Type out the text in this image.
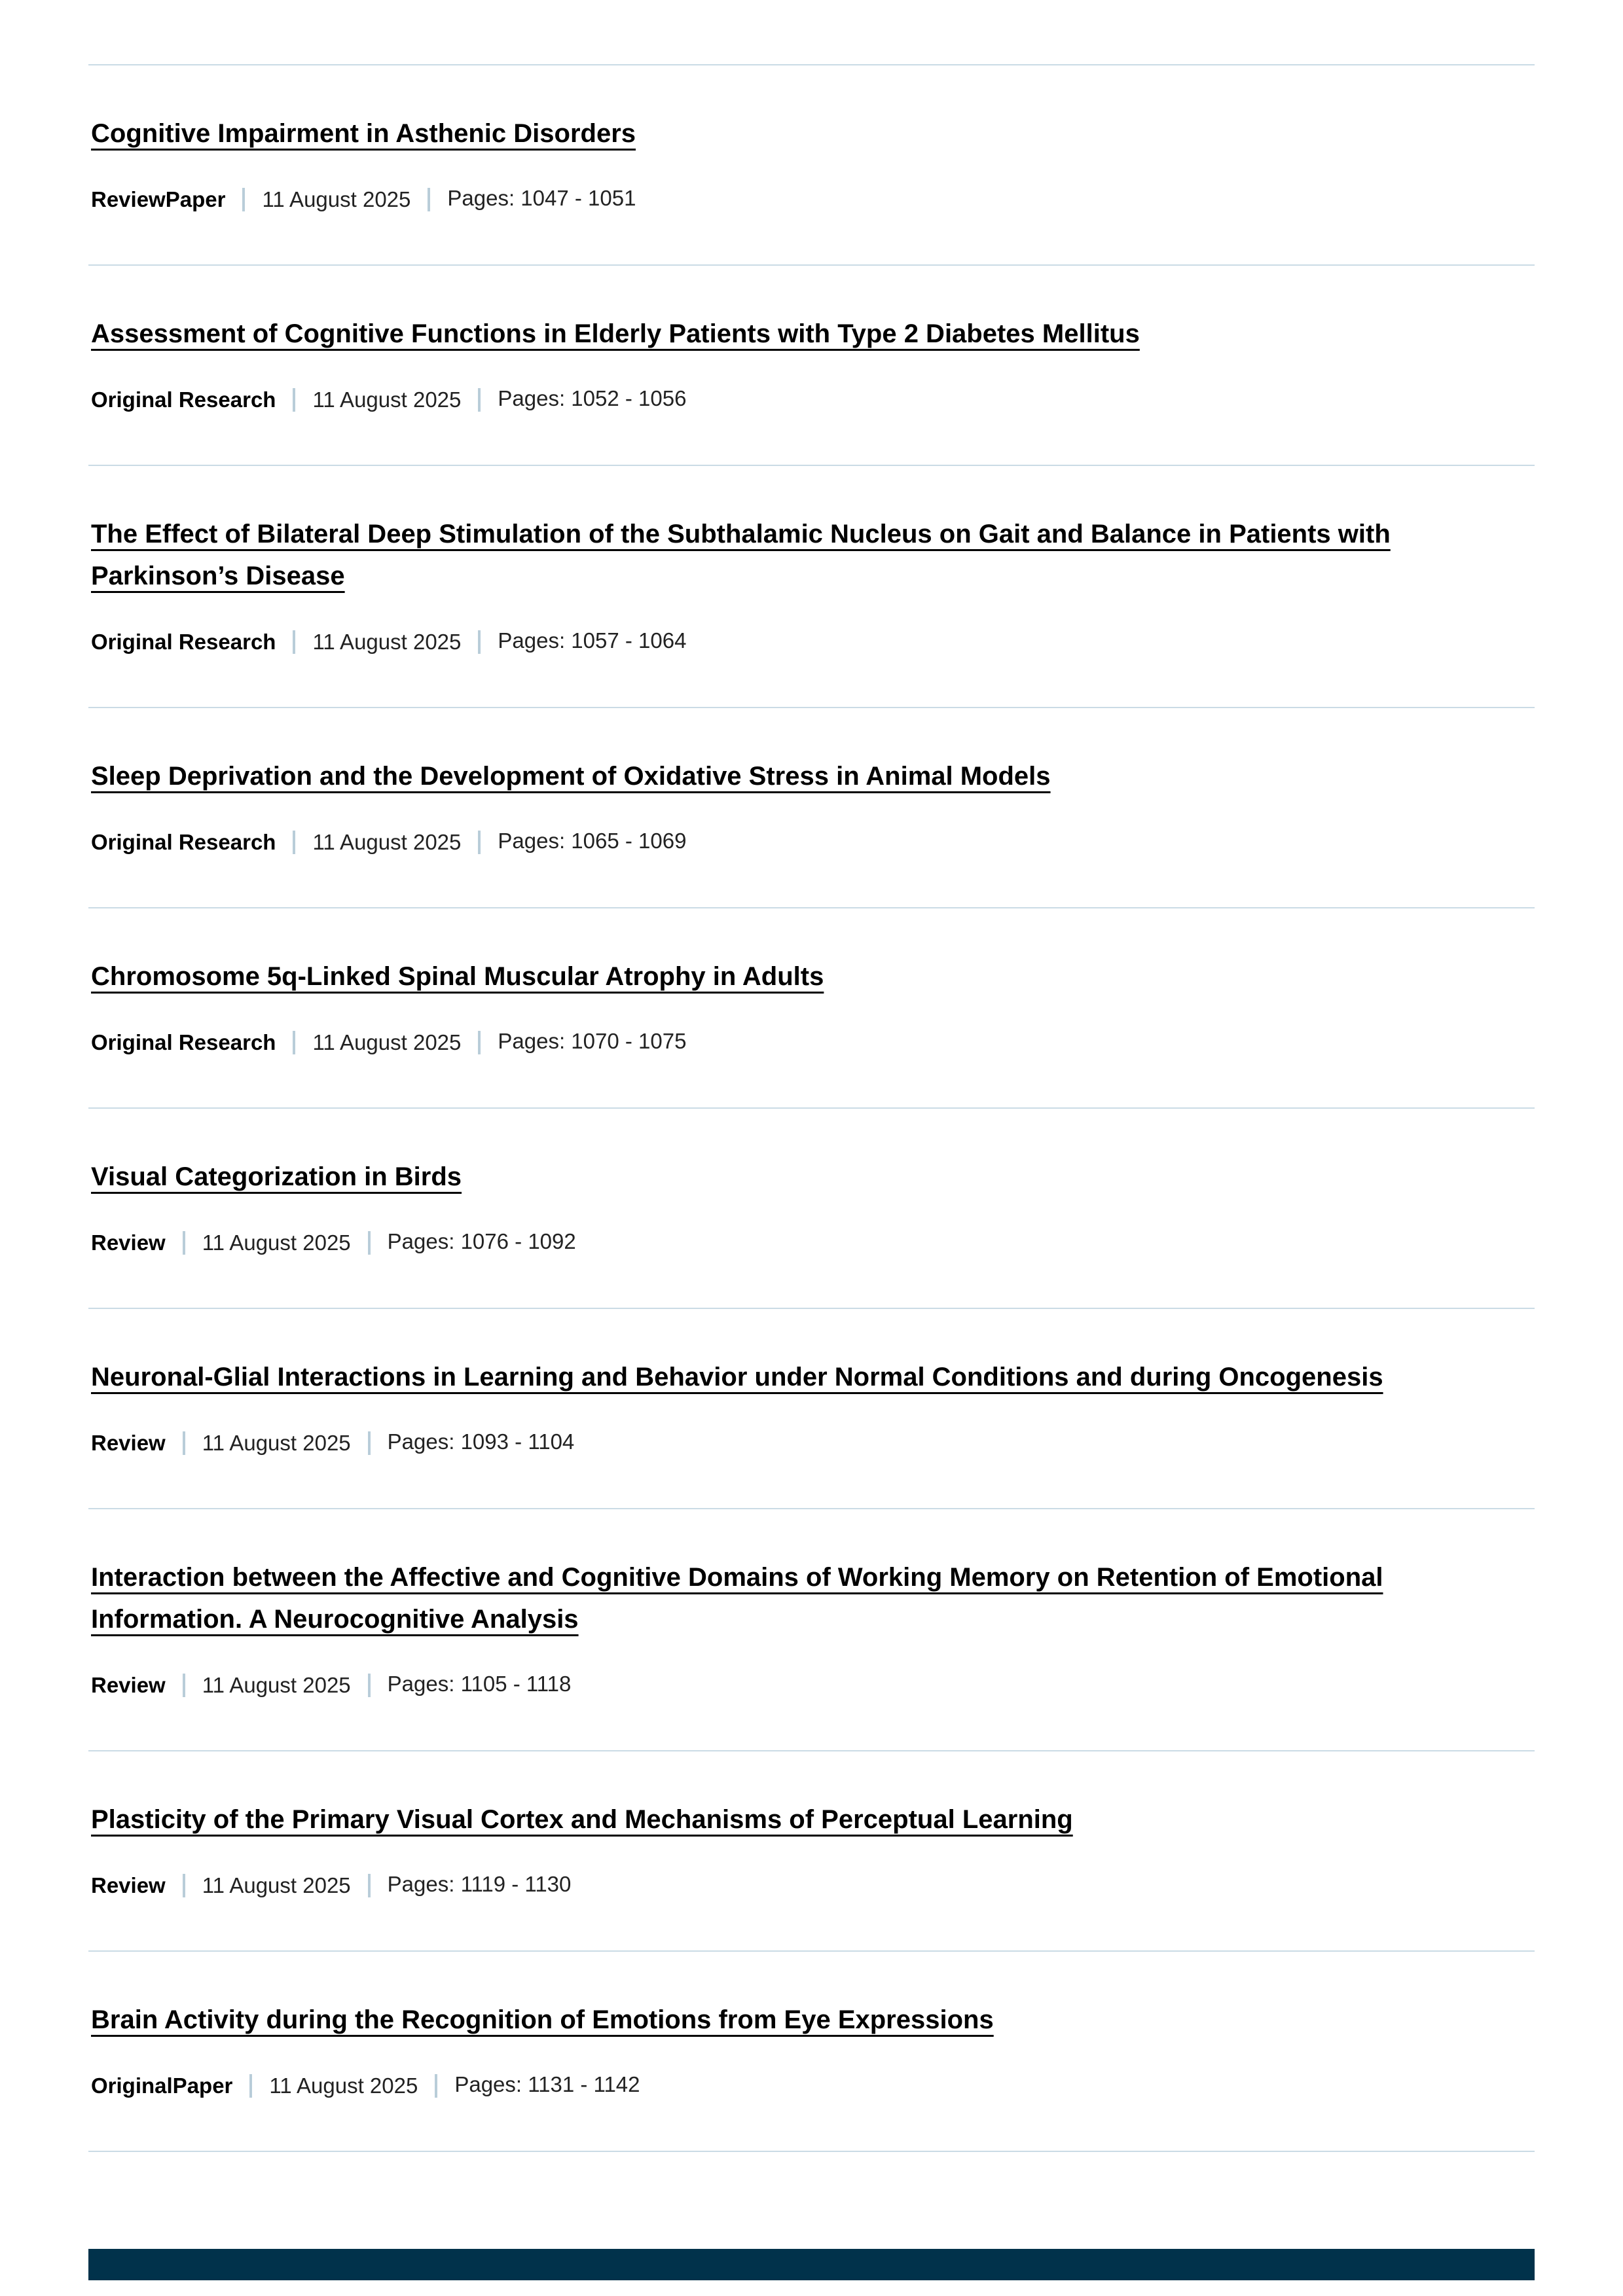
Cognitive Impairment in Asthenic Disorders
ReviewPaper 11 August 2025 Pages: 1047 - 1051
Assessment of Cognitive Functions in Elderly Patients with Type 2 Diabetes Mellitus
Original Research 11 August 2025 Pages: 1052 - 1056
The Effect of Bilateral Deep Stimulation of the Subthalamic Nucleus on Gait and Balance in Patients with Parkinson’s Disease
Original Research 11 August 2025 Pages: 1057 - 1064
Sleep Deprivation and the Development of Oxidative Stress in Animal Models
Original Research 11 August 2025 Pages: 1065 - 1069
Chromosome 5q-Linked Spinal Muscular Atrophy in Adults
Original Research 11 August 2025 Pages: 1070 - 1075
Visual Categorization in Birds
Review 11 August 2025 Pages: 1076 - 1092
Neuronal-Glial Interactions in Learning and Behavior under Normal Conditions and during Oncogenesis
Review 11 August 2025 Pages: 1093 - 1104
Interaction between the Affective and Cognitive Domains of Working Memory on Retention of Emotional Information. A Neurocognitive Analysis
Review 11 August 2025 Pages: 1105 - 1118
Plasticity of the Primary Visual Cortex and Mechanisms of Perceptual Learning
Review 11 August 2025 Pages: 1119 - 1130
Brain Activity during the Recognition of Emotions from Eye Expressions
OriginalPaper 11 August 2025 Pages: 1131 - 1142
